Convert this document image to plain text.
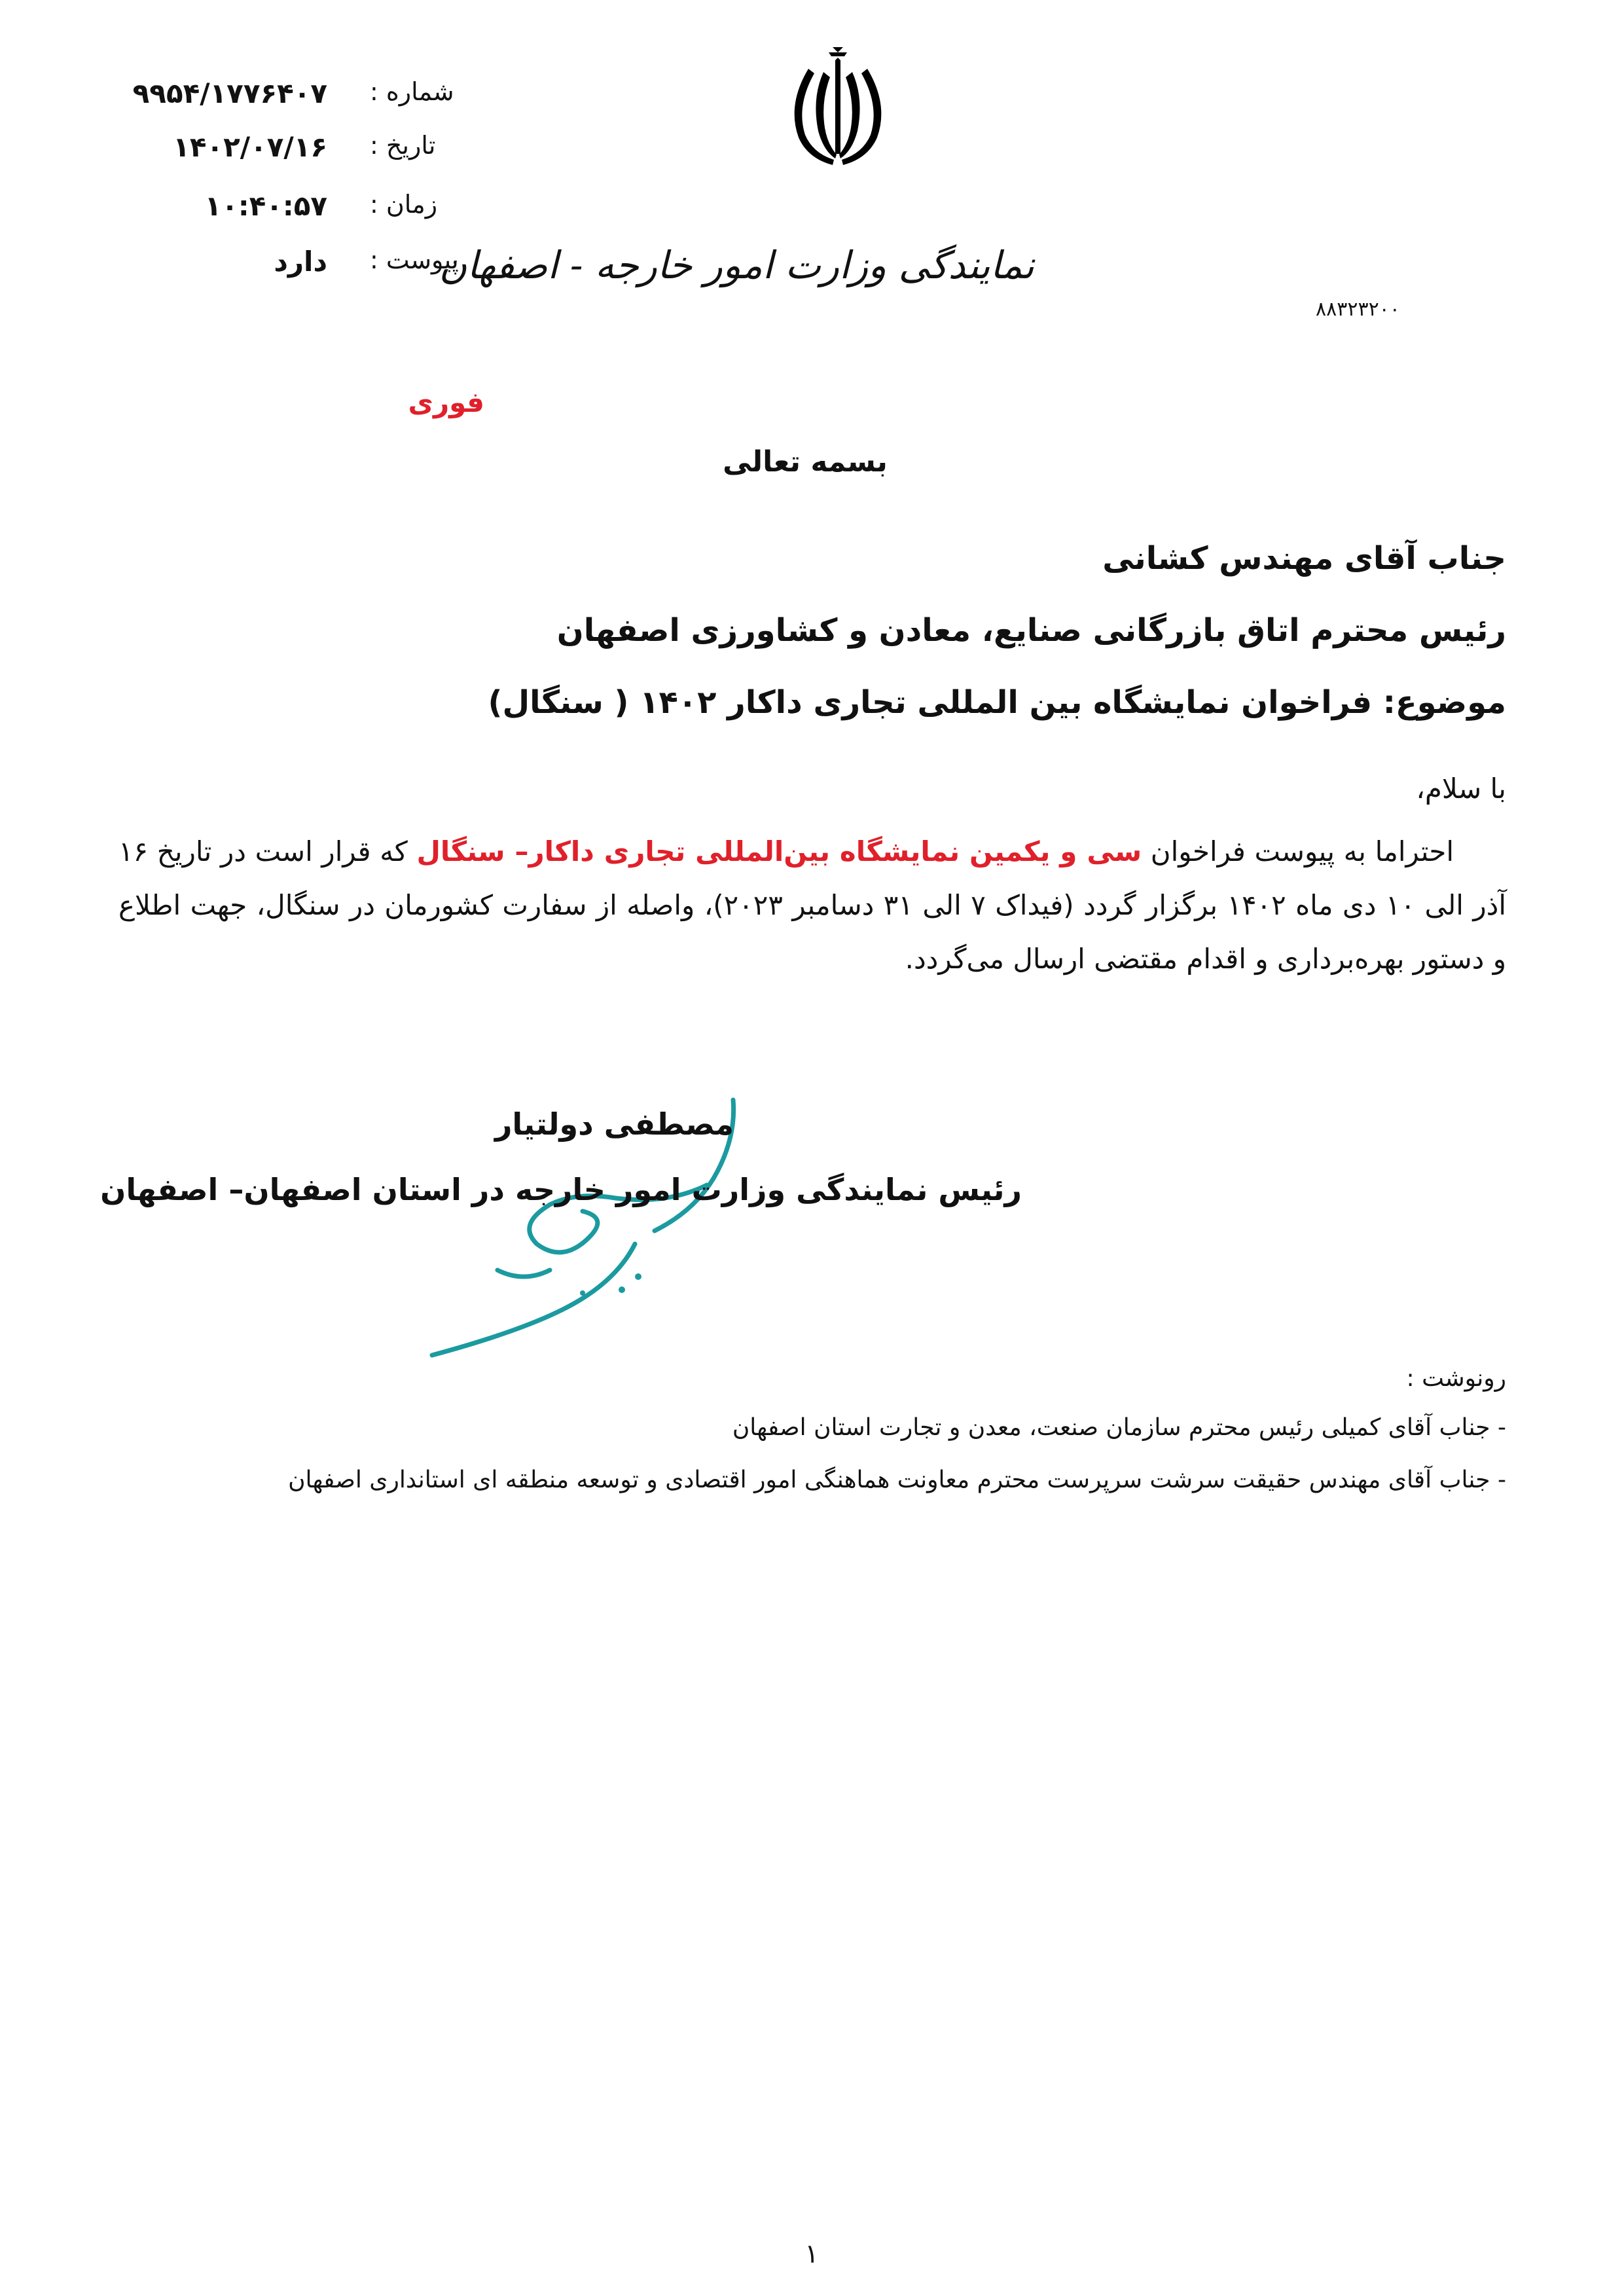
شماره :
۹۹۵۴/۱۷۷۶۴۰۷
تاریخ :
۱۴۰۲/۰۷/۱۶
زمان :
۱۰:۴۰:۵۷
پیوست :
دارد	نمایندگی وزارت امور خارجه - اصفهان
۸۸۳۲۳۲۰۰
فوری
بسمه تعالی
جناب آقای مهندس کشانی
رئیس محترم اتاق بازرگانی صنایع، معادن و کشاورزی اصفهان
موضوع: فراخوان نمایشگاه بین المللی تجاری داکار ۱۴۰۲ ( سنگال)
با سلام،
احتراما به پیوست فراخوان سی و یکمین نمایشگاه بین‌المللی تجاری داکار– سنگال که قرار است در تاریخ ۱۶ آذر الی ۱۰ دی ماه ۱۴۰۲ برگزار گردد (فیداک ۷ الی ۳۱ دسامبر ۲۰۲۳)، واصله از سفارت کشورمان در سنگال، جهت اطلاع و دستور بهره‌برداری و اقدام مقتضی ارسال می‌گردد.
مصطفی دولتیار
رئیس نمایندگی وزارت امور خارجه در استان اصفهان– اصفهان
رونوشت :
- جناب آقای کمیلی رئیس محترم سازمان صنعت، معدن و تجارت استان اصفهان
- جناب آقای مهندس حقیقت سرشت سرپرست محترم معاونت هماهنگی امور اقتصادی و توسعه منطقه ای استانداری اصفهان
۱
